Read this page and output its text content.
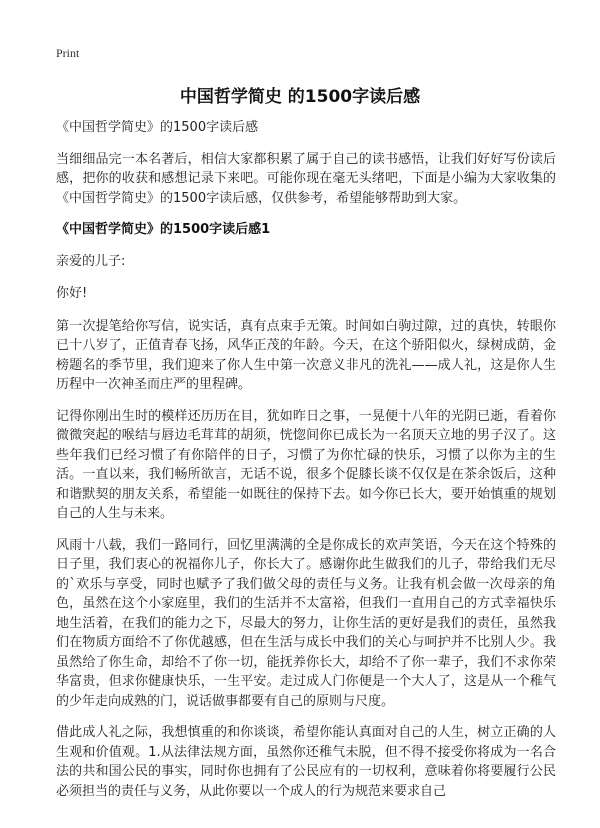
Print
中国哲学简史 的1500字读后感

《中国哲学简史》的1500字读后感

当细细品完一本名著后，相信大家都积累了属于自己的读书感悟，让我们好好写份读后感，把你的收获和感想记录下来吧。可能你现在毫无头绪吧，下面是小编为大家收集的《中国哲学简史》的1500字读后感，仅供参考，希望能够帮助到大家。

《中国哲学简史》的1500字读后感1

亲爱的儿子:

你好!

第一次提笔给你写信，说实话，真有点束手无策。时间如白驹过隙，过的真快，转眼你已十八岁了，正值青春飞扬，风华正茂的年龄。今天，在这个骄阳似火，绿树成荫，金榜题名的季节里，我们迎来了你人生中第一次意义非凡的洗礼——成人礼，这是你人生历程中一次神圣而庄严的里程碑。

记得你刚出生时的模样还历历在目，犹如昨日之事，一晃便十八年的光阴已逝，看着你微微突起的喉结与唇边毛茸茸的胡须，恍惚间你已成长为一名顶天立地的男子汉了。这些年我们已经习惯了有你陪伴的日子，习惯了为你忙碌的快乐，习惯了以你为主的生活。一直以来，我们畅所欲言，无话不说，很多个促膝长谈不仅仅是在茶余饭后，这种和谐默契的朋友关系，希望能一如既往的保持下去。如今你已长大，要开始慎重的规划自己的人生与未来。

风雨十八载，我们一路同行，回忆里满满的全是你成长的欢声笑语，今天在这个特殊的日子里，我们衷心的祝福你儿子，你长大了。感谢你此生做我们的儿子，带给我们无尽的`欢乐与享受，同时也赋予了我们做父母的责任与义务。让我有机会做一次母亲的角色，虽然在这个小家庭里，我们的生活并不太富裕，但我们一直用自己的方式幸福快乐地生活着，在我们的能力之下，尽最大的努力，让你生活的更好是我们的责任，虽然我们在物质方面给不了你优越感，但在生活与成长中我们的关心与呵护并不比别人少。我虽然给了你生命，却给不了你一切，能抚养你长大，却给不了你一辈子，我们不求你荣华富贵，但求你健康快乐，一生平安。走过成人门你便是一个大人了，这是从一个稚气的少年走向成熟的门，说话做事都要有自己的原则与尺度。

借此成人礼之际，我想慎重的和你谈谈，希望你能认真面对自己的人生，树立正确的人生观和价值观。1.从法律法规方面，虽然你还稚气未脱，但不得不接受你将成为一名合法的共和国公民的事实，同时你也拥有了公民应有的一切权利，意味着你将要履行公民必须担当的责任与义务，从此你要以一个成人的行为规范来要求自己
